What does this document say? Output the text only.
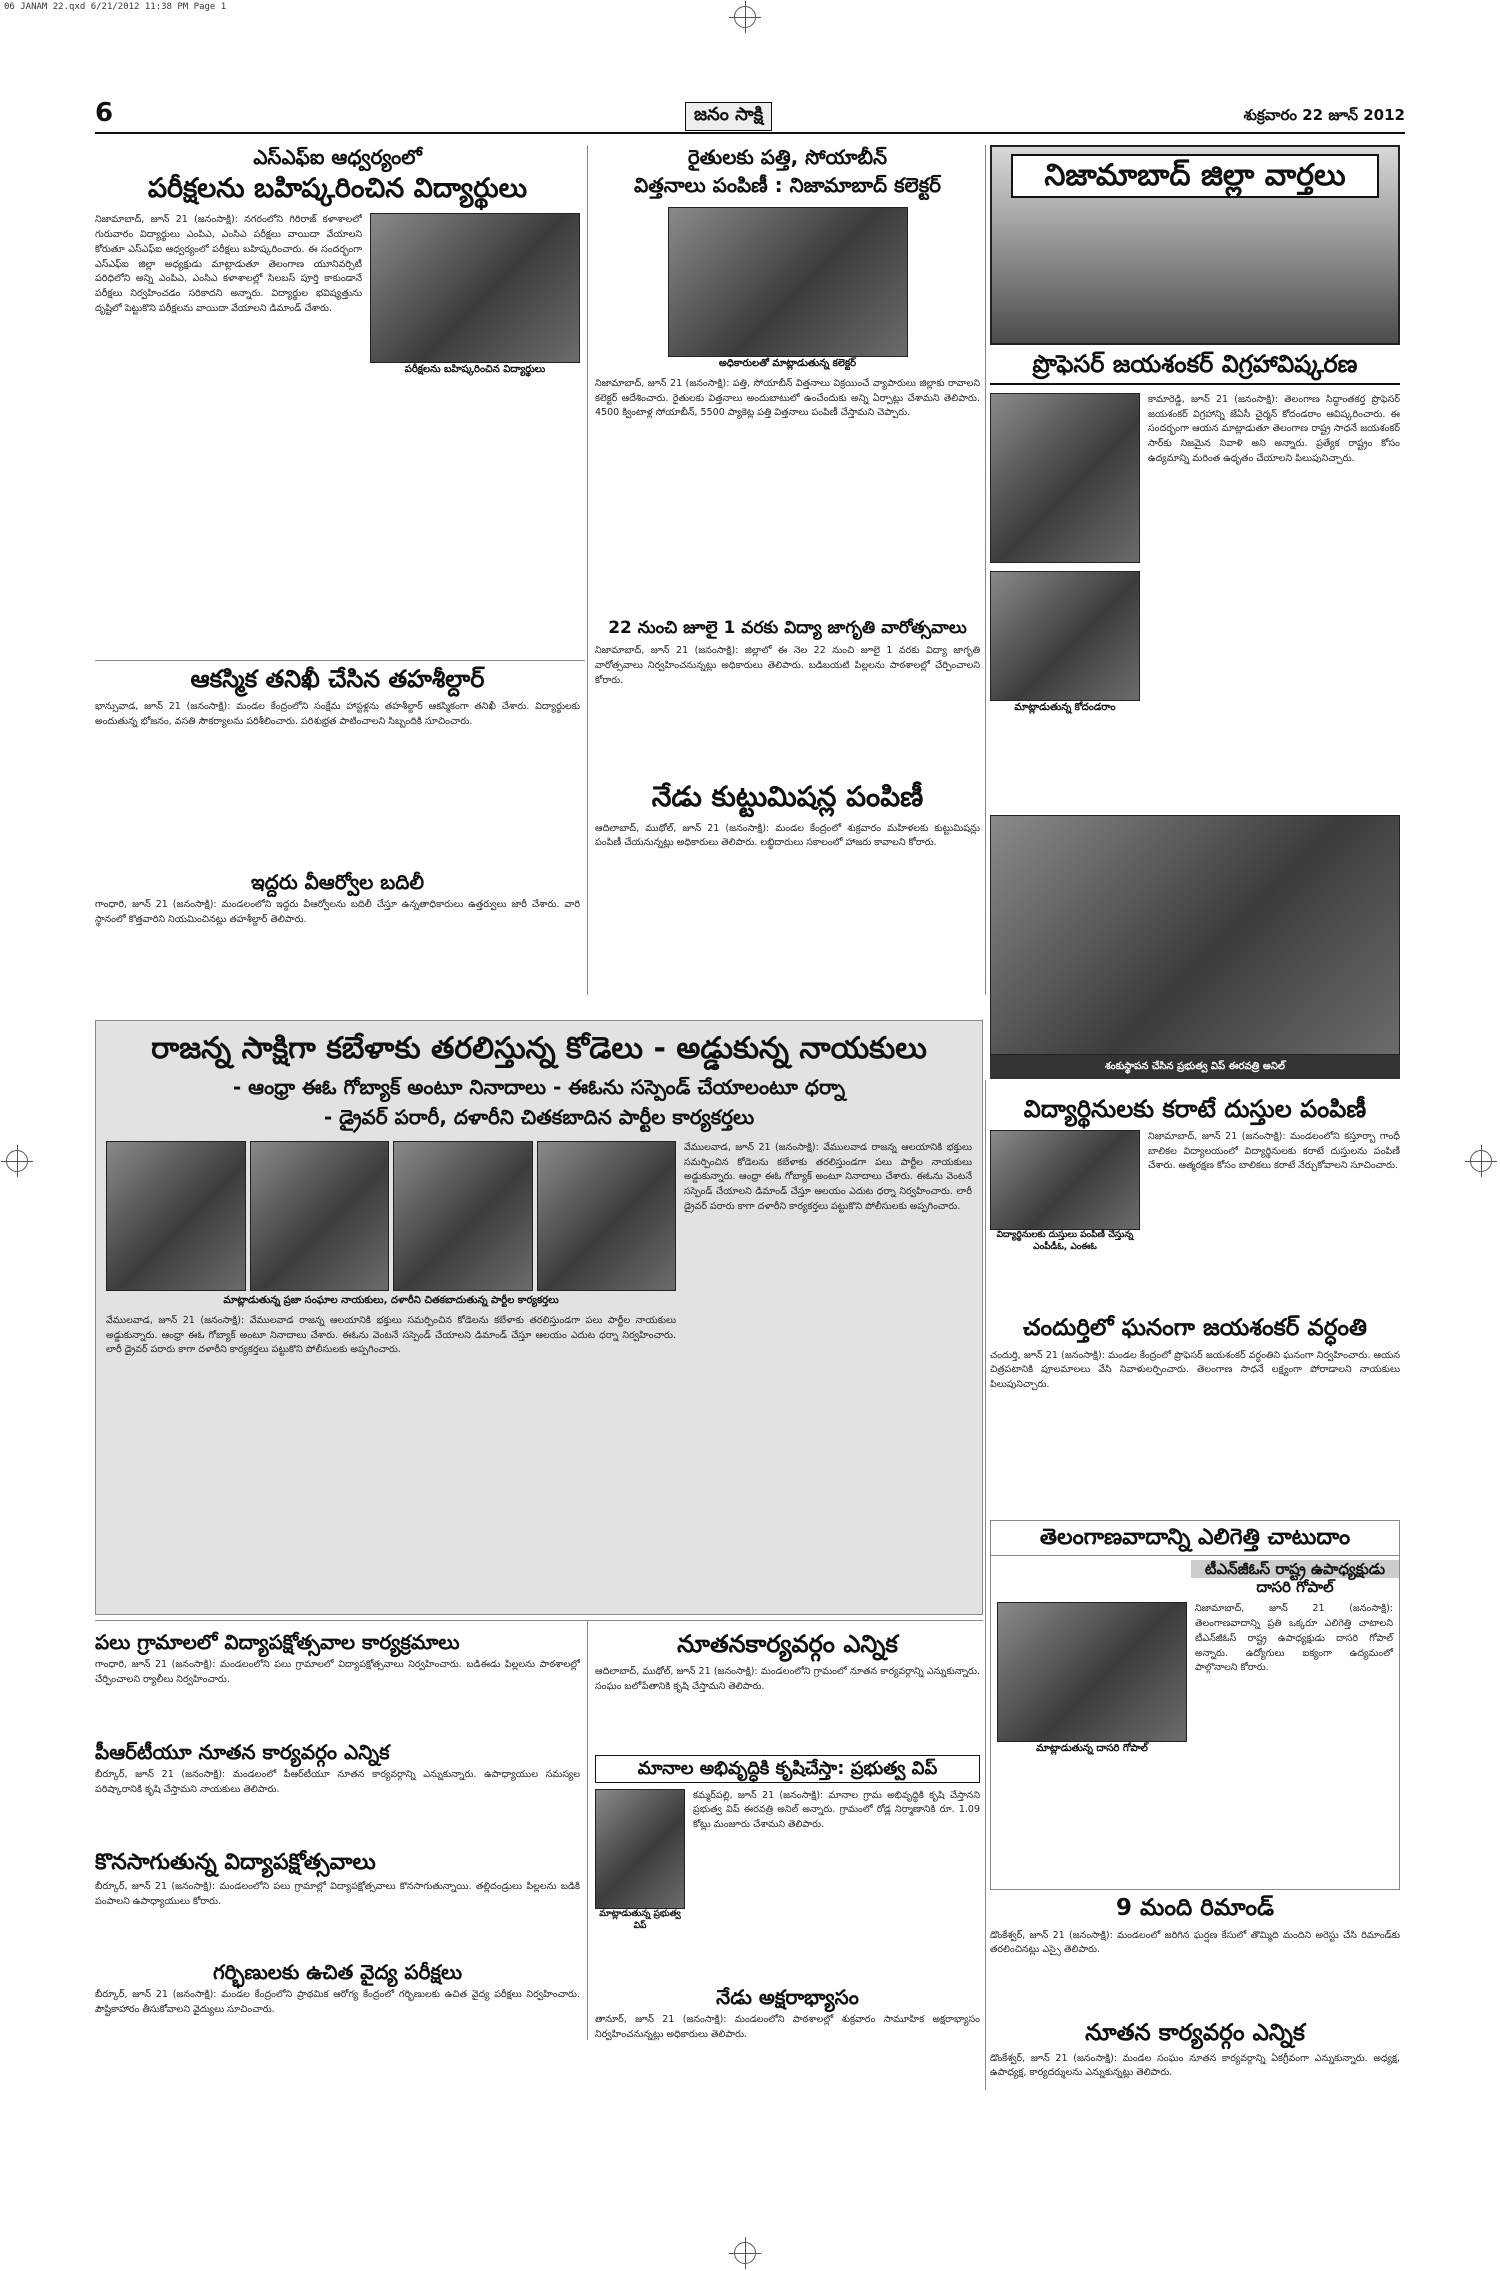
06 JANAM 22.qxd 6/21/2012 11:38 PM Page 1
6	జనం సాక్షి	శుక్రవారం 22 జూన్ 2012
ఎస్‌ఎఫ్‌ఐ ఆధ్వర్యంలో
పరీక్షలను బహిష్కరించిన విద్యార్థులు
నిజామాబాద్, జూన్ 21 (జనంసాక్షి): నగరంలోని గిరిరాజ్ కళాశాలలో గురువారం విద్యార్థులు ఎంపిఎ, ఎంసిఎ పరీక్షలు వాయిదా వేయాలని కోరుతూ ఎస్‌ఎఫ్‌ఐ ఆధ్వర్యంలో పరీక్షలు బహిష్కరించారు. ఈ సందర్భంగా ఎస్‌ఎఫ్‌ఐ జిల్లా అధ్యక్షుడు మాట్లాడుతూ తెలంగాణ యూనివర్సిటీ పరిధిలోని అన్ని ఎంపిఎ, ఎంసిఎ కళాశాలల్లో సిలబస్ పూర్తి కాకుండానే పరీక్షలు నిర్వహించడం సరికాదని అన్నారు. విద్యార్థుల భవిష్యత్తును దృష్టిలో పెట్టుకొని పరీక్షలను వాయిదా వేయాలని డిమాండ్ చేశారు.
పరీక్షలను బహిష్కరించిన విద్యార్థులు
ఆకస్మిక తనిఖీ చేసిన తహశీల్దార్
భాన్సువాడ, జూన్ 21 (జనంసాక్షి): మండల కేంద్రంలోని సంక్షేమ హాస్టళ్లను తహశీల్దార్ ఆకస్మికంగా తనిఖీ చేశారు. విద్యార్థులకు అందుతున్న భోజనం, వసతి సౌకర్యాలను పరిశీలించారు. పరిశుభ్రత పాటించాలని సిబ్బందికి సూచించారు.
ఇద్దరు వీఆర్వోల బదిలీ
గాంధారి, జూన్ 21 (జనంసాక్షి): మండలంలోని ఇద్దరు వీఆర్వోలను బదిలీ చేస్తూ ఉన్నతాధికారులు ఉత్తర్వులు జారీ చేశారు. వారి స్థానంలో కొత్తవారిని నియమించినట్లు తహశీల్దార్ తెలిపారు.
రైతులకు పత్తి, సోయాబీన్
విత్తనాలు పంపిణీ : నిజామాబాద్ కలెక్టర్
అధికారులతో మాట్లాడుతున్న కలెక్టర్
నిజామాబాద్, జూన్ 21 (జనంసాక్షి): పత్తి, సోయాబీన్ విత్తనాలు విక్రయించే వ్యాపారులు జిల్లాకు రావాలని కలెక్టర్ ఆదేశించారు. రైతులకు విత్తనాలు అందుబాటులో ఉంచేందుకు అన్ని ఏర్పాట్లు చేశామని తెలిపారు. 4500 క్వింటాళ్ల సోయాబీన్, 5500 ప్యాకెట్ల పత్తి విత్తనాలు పంపిణీ చేస్తామని చెప్పారు.
22 నుంచి జూలై 1 వరకు విద్యా జాగృతి వారోత్సవాలు
నిజామాబాద్, జూన్ 21 (జనంసాక్షి): జిల్లాలో ఈ నెల 22 నుంచి జూలై 1 వరకు విద్యా జాగృతి వారోత్సవాలు నిర్వహించనున్నట్లు అధికారులు తెలిపారు. బడిబయటి పిల్లలను పాఠశాలల్లో చేర్పించాలని కోరారు.
నేడు కుట్టుమిషన్ల పంపిణీ
ఆదిలాబాద్, ముథోల్, జూన్ 21 (జనంసాక్షి): మండల కేంద్రంలో శుక్రవారం మహిళలకు కుట్టుమిషన్లు పంపిణీ చేయనున్నట్లు అధికారులు తెలిపారు. లబ్ధిదారులు సకాలంలో హాజరు కావాలని కోరారు.
నిజామాబాద్ జిల్లా వార్తలు
ప్రొఫెసర్ జయశంకర్ విగ్రహావిష్కరణ
మాట్లాడుతున్న కోదండరాం
కామారెడ్డి, జూన్ 21 (జనంసాక్షి): తెలంగాణ సిద్ధాంతకర్త ప్రొఫెసర్ జయశంకర్ విగ్రహాన్ని జేఏసీ చైర్మన్ కోదండరాం ఆవిష్కరించారు. ఈ సందర్భంగా ఆయన మాట్లాడుతూ తెలంగాణ రాష్ట్ర సాధనే జయశంకర్ సార్‌కు నిజమైన నివాళి అని అన్నారు. ప్రత్యేక రాష్ట్రం కోసం ఉద్యమాన్ని మరింత ఉధృతం చేయాలని పిలుపునిచ్చారు.
శంకుస్థాపన చేసిన ప్రభుత్వ విప్ ఈరవత్రి అనిల్
రాజన్న సాక్షిగా కబేళాకు తరలిస్తున్న కోడెలు - అడ్డుకున్న నాయకులు
- ఆంధ్రా ఈఓ గోబ్యాక్ అంటూ నినాదాలు - ఈఓను సస్పెండ్ చేయాలంటూ ధర్నా
- డ్రైవర్ పరారీ, దళారీని చితకబాదిన పార్టీల కార్యకర్తలు
మాట్లాడుతున్న ప్రజా సంఘాల నాయకులు, దళారీని చితకబాదుతున్న పార్టీల కార్యకర్తలు
వేములవాడ, జూన్ 21 (జనంసాక్షి): వేములవాడ రాజన్న ఆలయానికి భక్తులు సమర్పించిన కోడెలను కబేళాకు తరలిస్తుండగా పలు పార్టీల నాయకులు అడ్డుకున్నారు. ఆంధ్రా ఈఓ గోబ్యాక్ అంటూ నినాదాలు చేశారు. ఈఓను వెంటనే సస్పెండ్ చేయాలని డిమాండ్ చేస్తూ ఆలయం ఎదుట ధర్నా నిర్వహించారు. లారీ డ్రైవర్ పరారు కాగా దళారీని కార్యకర్తలు పట్టుకొని పోలీసులకు అప్పగించారు.
వేములవాడ, జూన్ 21 (జనంసాక్షి): వేములవాడ రాజన్న ఆలయానికి భక్తులు సమర్పించిన కోడెలను కబేళాకు తరలిస్తుండగా పలు పార్టీల నాయకులు అడ్డుకున్నారు. ఆంధ్రా ఈఓ గోబ్యాక్ అంటూ నినాదాలు చేశారు. ఈఓను వెంటనే సస్పెండ్ చేయాలని డిమాండ్ చేస్తూ ఆలయం ఎదుట ధర్నా నిర్వహించారు. లారీ డ్రైవర్ పరారు కాగా దళారీని కార్యకర్తలు పట్టుకొని పోలీసులకు అప్పగించారు.
విద్యార్థినులకు కరాటే దుస్తుల పంపిణీ
విద్యార్థినులకు దుస్తులు పంపిణీ చేస్తున్న ఎంపీడీఓ, ఎంఈఓ
నిజామాబాద్, జూన్ 21 (జనంసాక్షి): మండలంలోని కస్తూర్బా గాంధీ బాలికల విద్యాలయంలో విద్యార్థినులకు కరాటే దుస్తులను పంపిణీ చేశారు. ఆత్మరక్షణ కోసం బాలికలు కరాటే నేర్చుకోవాలని సూచించారు.
చందుర్తిలో ఘనంగా జయశంకర్ వర్ధంతి
చందుర్తి, జూన్ 21 (జనంసాక్షి): మండల కేంద్రంలో ప్రొఫెసర్ జయశంకర్ వర్ధంతిని ఘనంగా నిర్వహించారు. ఆయన చిత్రపటానికి పూలమాలలు వేసి నివాళులర్పించారు. తెలంగాణ సాధనే లక్ష్యంగా పోరాడాలని నాయకులు పిలుపునిచ్చారు.
తెలంగాణవాదాన్ని ఎలిగెత్తి చాటుదాం
టీఎన్‌జీఓస్ రాష్ట్ర ఉపాధ్యక్షుడు
దాసరి గోపాల్
మాట్లాడుతున్న దాసరి గోపాల్
నిజామాబాద్, జూన్ 21 (జనంసాక్షి): తెలంగాణవాదాన్ని ప్రతి ఒక్కరూ ఎలిగెత్తి చాటాలని టీఎన్‌జీఓస్ రాష్ట్ర ఉపాధ్యక్షుడు దాసరి గోపాల్ అన్నారు. ఉద్యోగులు ఐక్యంగా ఉద్యమంలో పాల్గొనాలని కోరారు.
9 మంది రిమాండ్
డొంకేశ్వర్, జూన్ 21 (జనంసాక్షి): మండలంలో జరిగిన ఘర్షణ కేసులో తొమ్మిది మందిని అరెస్టు చేసి రిమాండ్‌కు తరలించినట్లు ఎస్సై తెలిపారు.
నూతన కార్యవర్గం ఎన్నిక
డొంకేశ్వర్, జూన్ 21 (జనంసాక్షి): మండల సంఘం నూతన కార్యవర్గాన్ని ఏకగ్రీవంగా ఎన్నుకున్నారు. అధ్యక్ష, ఉపాధ్యక్ష, కార్యదర్శులను ఎన్నుకున్నట్లు తెలిపారు.
పలు గ్రామాలలో విద్యాపక్షోత్సవాల కార్యక్రమాలు
గాంధారి, జూన్ 21 (జనంసాక్షి): మండలంలోని పలు గ్రామాలలో విద్యాపక్షోత్సవాలు నిర్వహించారు. బడిఈడు పిల్లలను పాఠశాలల్లో చేర్పించాలని ర్యాలీలు నిర్వహించారు.
పీఆర్‌టీయూ నూతన కార్యవర్గం ఎన్నిక
బీర్కూర్, జూన్ 21 (జనంసాక్షి): మండలంలో పీఆర్‌టీయూ నూతన కార్యవర్గాన్ని ఎన్నుకున్నారు. ఉపాధ్యాయుల సమస్యల పరిష్కారానికి కృషి చేస్తామని నాయకులు తెలిపారు.
కొనసాగుతున్న విద్యాపక్షోత్సవాలు
బీర్కూర్, జూన్ 21 (జనంసాక్షి): మండలంలోని పలు గ్రామాల్లో విద్యాపక్షోత్సవాలు కొనసాగుతున్నాయి. తల్లిదండ్రులు పిల్లలను బడికి పంపాలని ఉపాధ్యాయులు కోరారు.
గర్భిణులకు ఉచిత వైద్య పరీక్షలు
బీర్కూర్, జూన్ 21 (జనంసాక్షి): మండల కేంద్రంలోని ప్రాథమిక ఆరోగ్య కేంద్రంలో గర్భిణులకు ఉచిత వైద్య పరీక్షలు నిర్వహించారు. పౌష్టికాహారం తీసుకోవాలని వైద్యులు సూచించారు.
నూతనకార్యవర్గం ఎన్నిక
ఆదిలాబాద్, ముథోల్, జూన్ 21 (జనంసాక్షి): మండలంలోని గ్రామంలో నూతన కార్యవర్గాన్ని ఎన్నుకున్నారు. సంఘం బలోపేతానికి కృషి చేస్తామని తెలిపారు.
మానాల అభివృద్ధికి కృషిచేస్తా: ప్రభుత్వ విప్
మాట్లాడుతున్న ప్రభుత్వ విప్
కమ్మర్‌పల్లి, జూన్ 21 (జనంసాక్షి): మానాల గ్రామ అభివృద్ధికి కృషి చేస్తానని ప్రభుత్వ విప్ ఈరవత్రి అనిల్ అన్నారు. గ్రామంలో రోడ్ల నిర్మాణానికి రూ. 1.09 కోట్లు మంజూరు చేశామని తెలిపారు.
నేడు అక్షరాభ్యాసం
తానూర్, జూన్ 21 (జనంసాక్షి): మండలంలోని పాఠశాలల్లో శుక్రవారం సామూహిక అక్షరాభ్యాసం నిర్వహించనున్నట్లు అధికారులు తెలిపారు.
